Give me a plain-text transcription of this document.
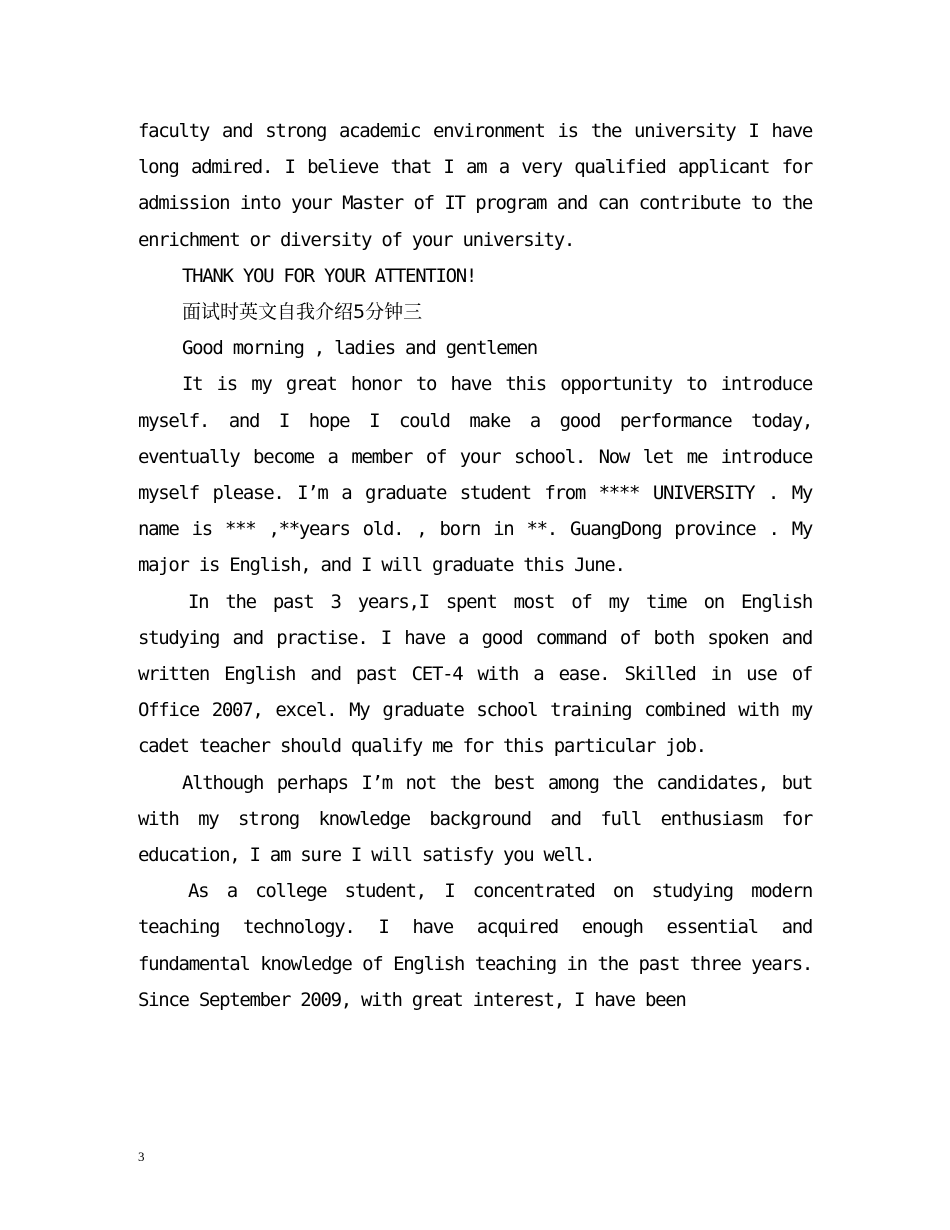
faculty and strong academic environment is the university I have long admired. I believe that I am a very qualified applicant for admission into your Master of IT program and can contribute to the enrichment or diversity of your university.

THANK YOU FOR YOUR ATTENTION!

面试时英文自我介绍5分钟三

Good morning , ladies and gentlemen

It is my great honor to have this opportunity to introduce myself. and I hope I could make a good performance today, eventually become a member of your school. Now let me introduce myself please. I’m a graduate student from **** UNIVERSITY . My name is *** ,**years old. , born in **. GuangDong province . My major is English, and I will graduate this June.

In the past 3 years,I spent most of my time on English studying and practise. I have a good command of both spoken and written English and past CET-4 with a ease. Skilled in use of Office 2007, excel. My graduate school training combined with my cadet teacher should qualify me for this particular job.

Although perhaps I’m not the best among the candidates, but with my strong knowledge background and full enthusiasm for education, I am sure I will satisfy you well.

As a college student, I concentrated on studying modern teaching technology. I have acquired enough essential and fundamental knowledge of English teaching in the past three years. Since September 2009, with great interest, I have been

3
